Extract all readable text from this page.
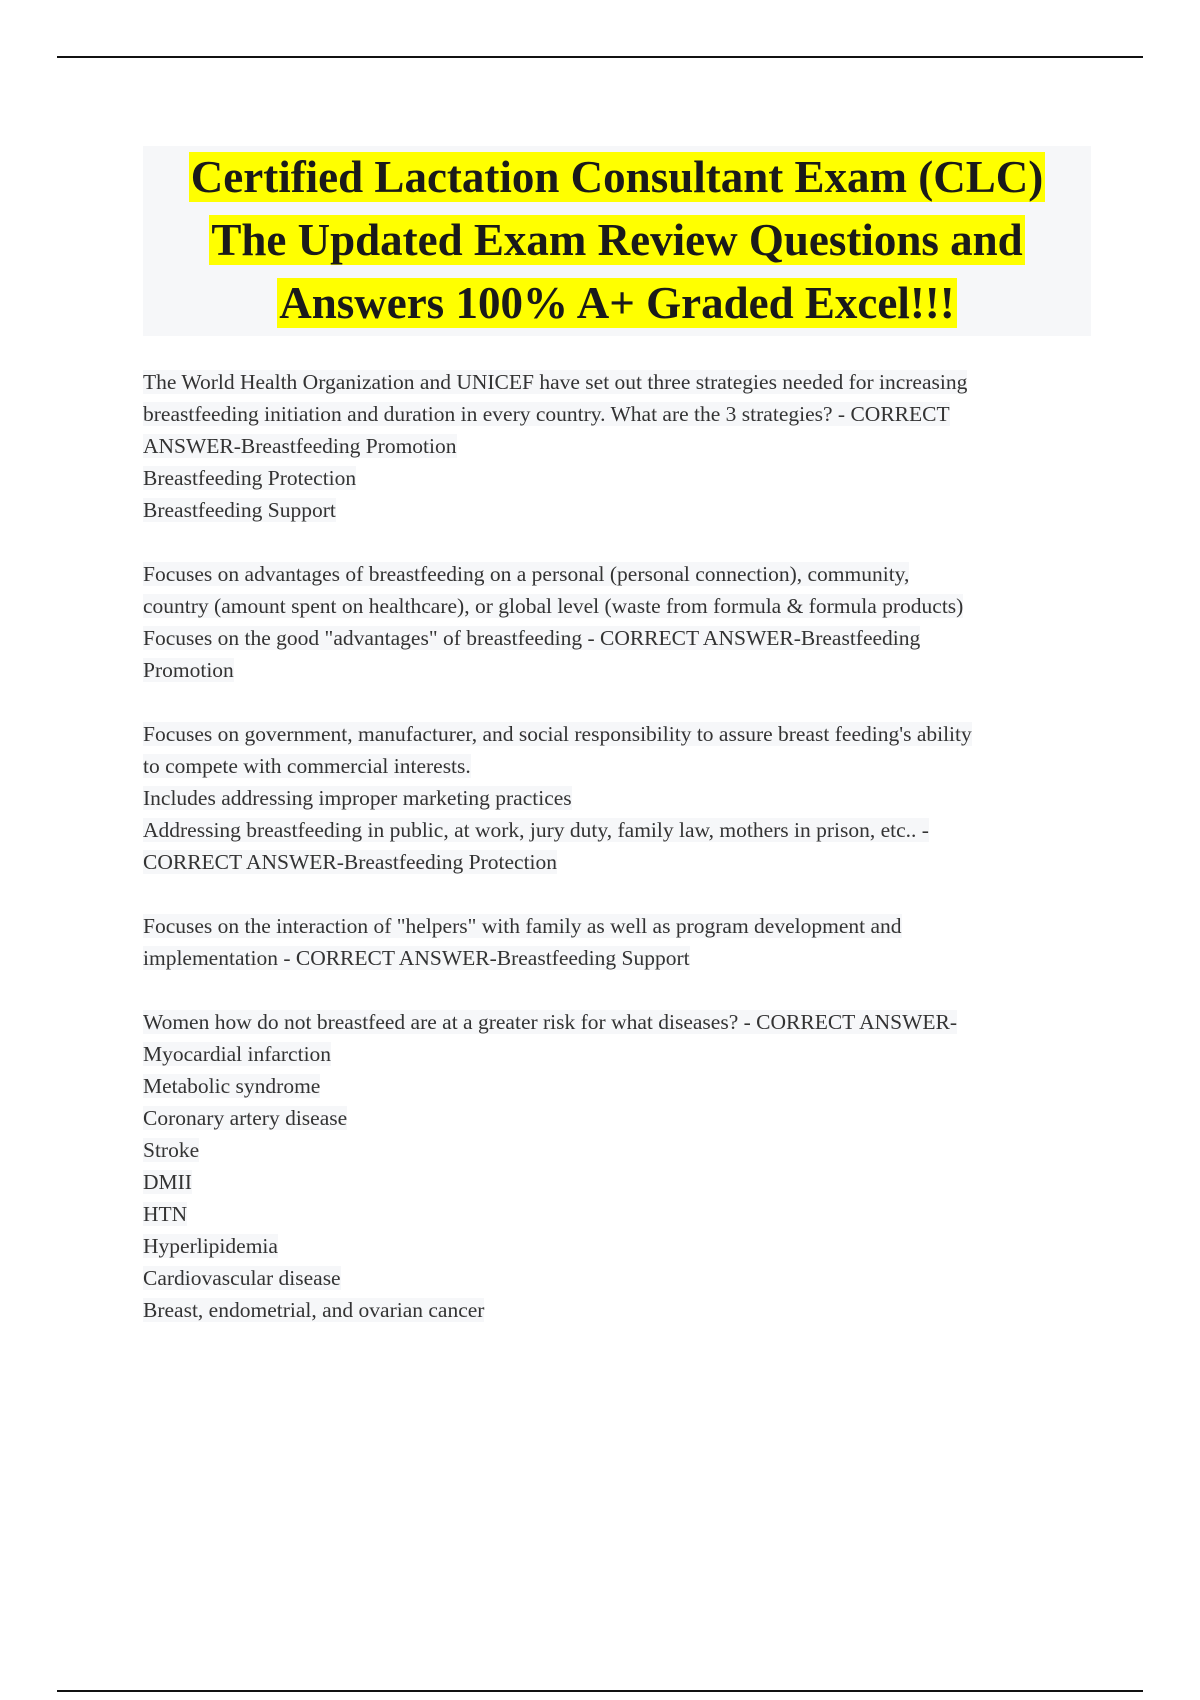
Certified Lactation Consultant Exam (CLC)
The Updated Exam Review Questions and
Answers 100% A+ Graded Excel!!!
The World Health Organization and UNICEF have set out three strategies needed for increasing
breastfeeding initiation and duration in every country. What are the 3 strategies? - CORRECT
ANSWER-Breastfeeding Promotion
Breastfeeding Protection
Breastfeeding Support
Focuses on advantages of breastfeeding on a personal (personal connection), community,
country (amount spent on healthcare), or global level (waste from formula & formula products)
Focuses on the good "advantages" of breastfeeding - CORRECT ANSWER-Breastfeeding
Promotion
Focuses on government, manufacturer, and social responsibility to assure breast feeding's ability
to compete with commercial interests.
Includes addressing improper marketing practices
Addressing breastfeeding in public, at work, jury duty, family law, mothers in prison, etc.. -
CORRECT ANSWER-Breastfeeding Protection
Focuses on the interaction of "helpers" with family as well as program development and
implementation - CORRECT ANSWER-Breastfeeding Support
Women how do not breastfeed are at a greater risk for what diseases? - CORRECT ANSWER-
Myocardial infarction
Metabolic syndrome
Coronary artery disease
Stroke
DMII
HTN
Hyperlipidemia
Cardiovascular disease
Breast, endometrial, and ovarian cancer
